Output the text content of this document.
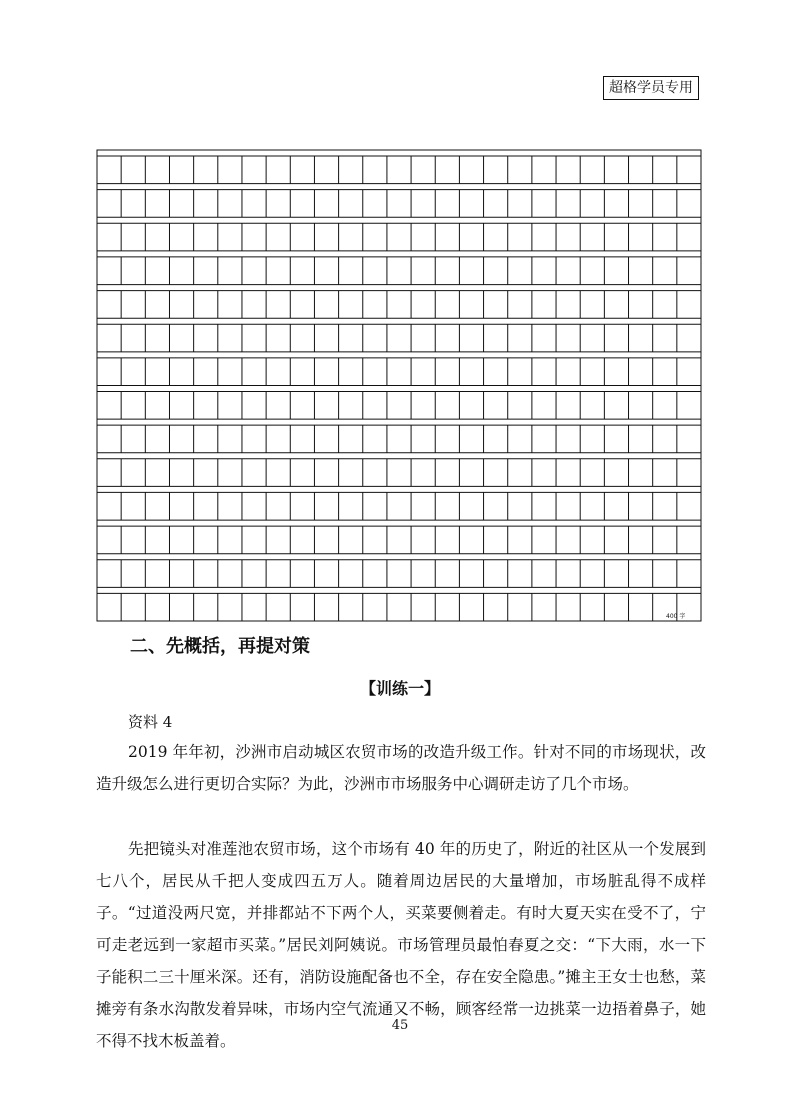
超格学员专用
400 字
二、先概括，再提对策
【训练一】
资料 4

2019 年年初，沙洲市启动城区农贸市场的改造升级工作。针对不同的市场现状，改造升级怎么进行更切合实际？为此，沙洲市市场服务中心调研走访了几个市场。

先把镜头对准莲池农贸市场，这个市场有 40 年的历史了，附近的社区从一个发展到七八个，居民从千把人变成四五万人。随着周边居民的大量增加，市场脏乱得不成样子。“过道没两尺宽，并排都站不下两个人，买菜要侧着走。有时大夏天实在受不了，宁可走老远到一家超市买菜。”居民刘阿姨说。市场管理员最怕春夏之交：“下大雨，水一下子能积二三十厘米深。还有，消防设施配备也不全，存在安全隐患。”摊主王女士也愁，菜摊旁有条水沟散发着异味，市场内空气流通又不畅，顾客经常一边挑菜一边捂着鼻子，她不得不找木板盖着。

45
